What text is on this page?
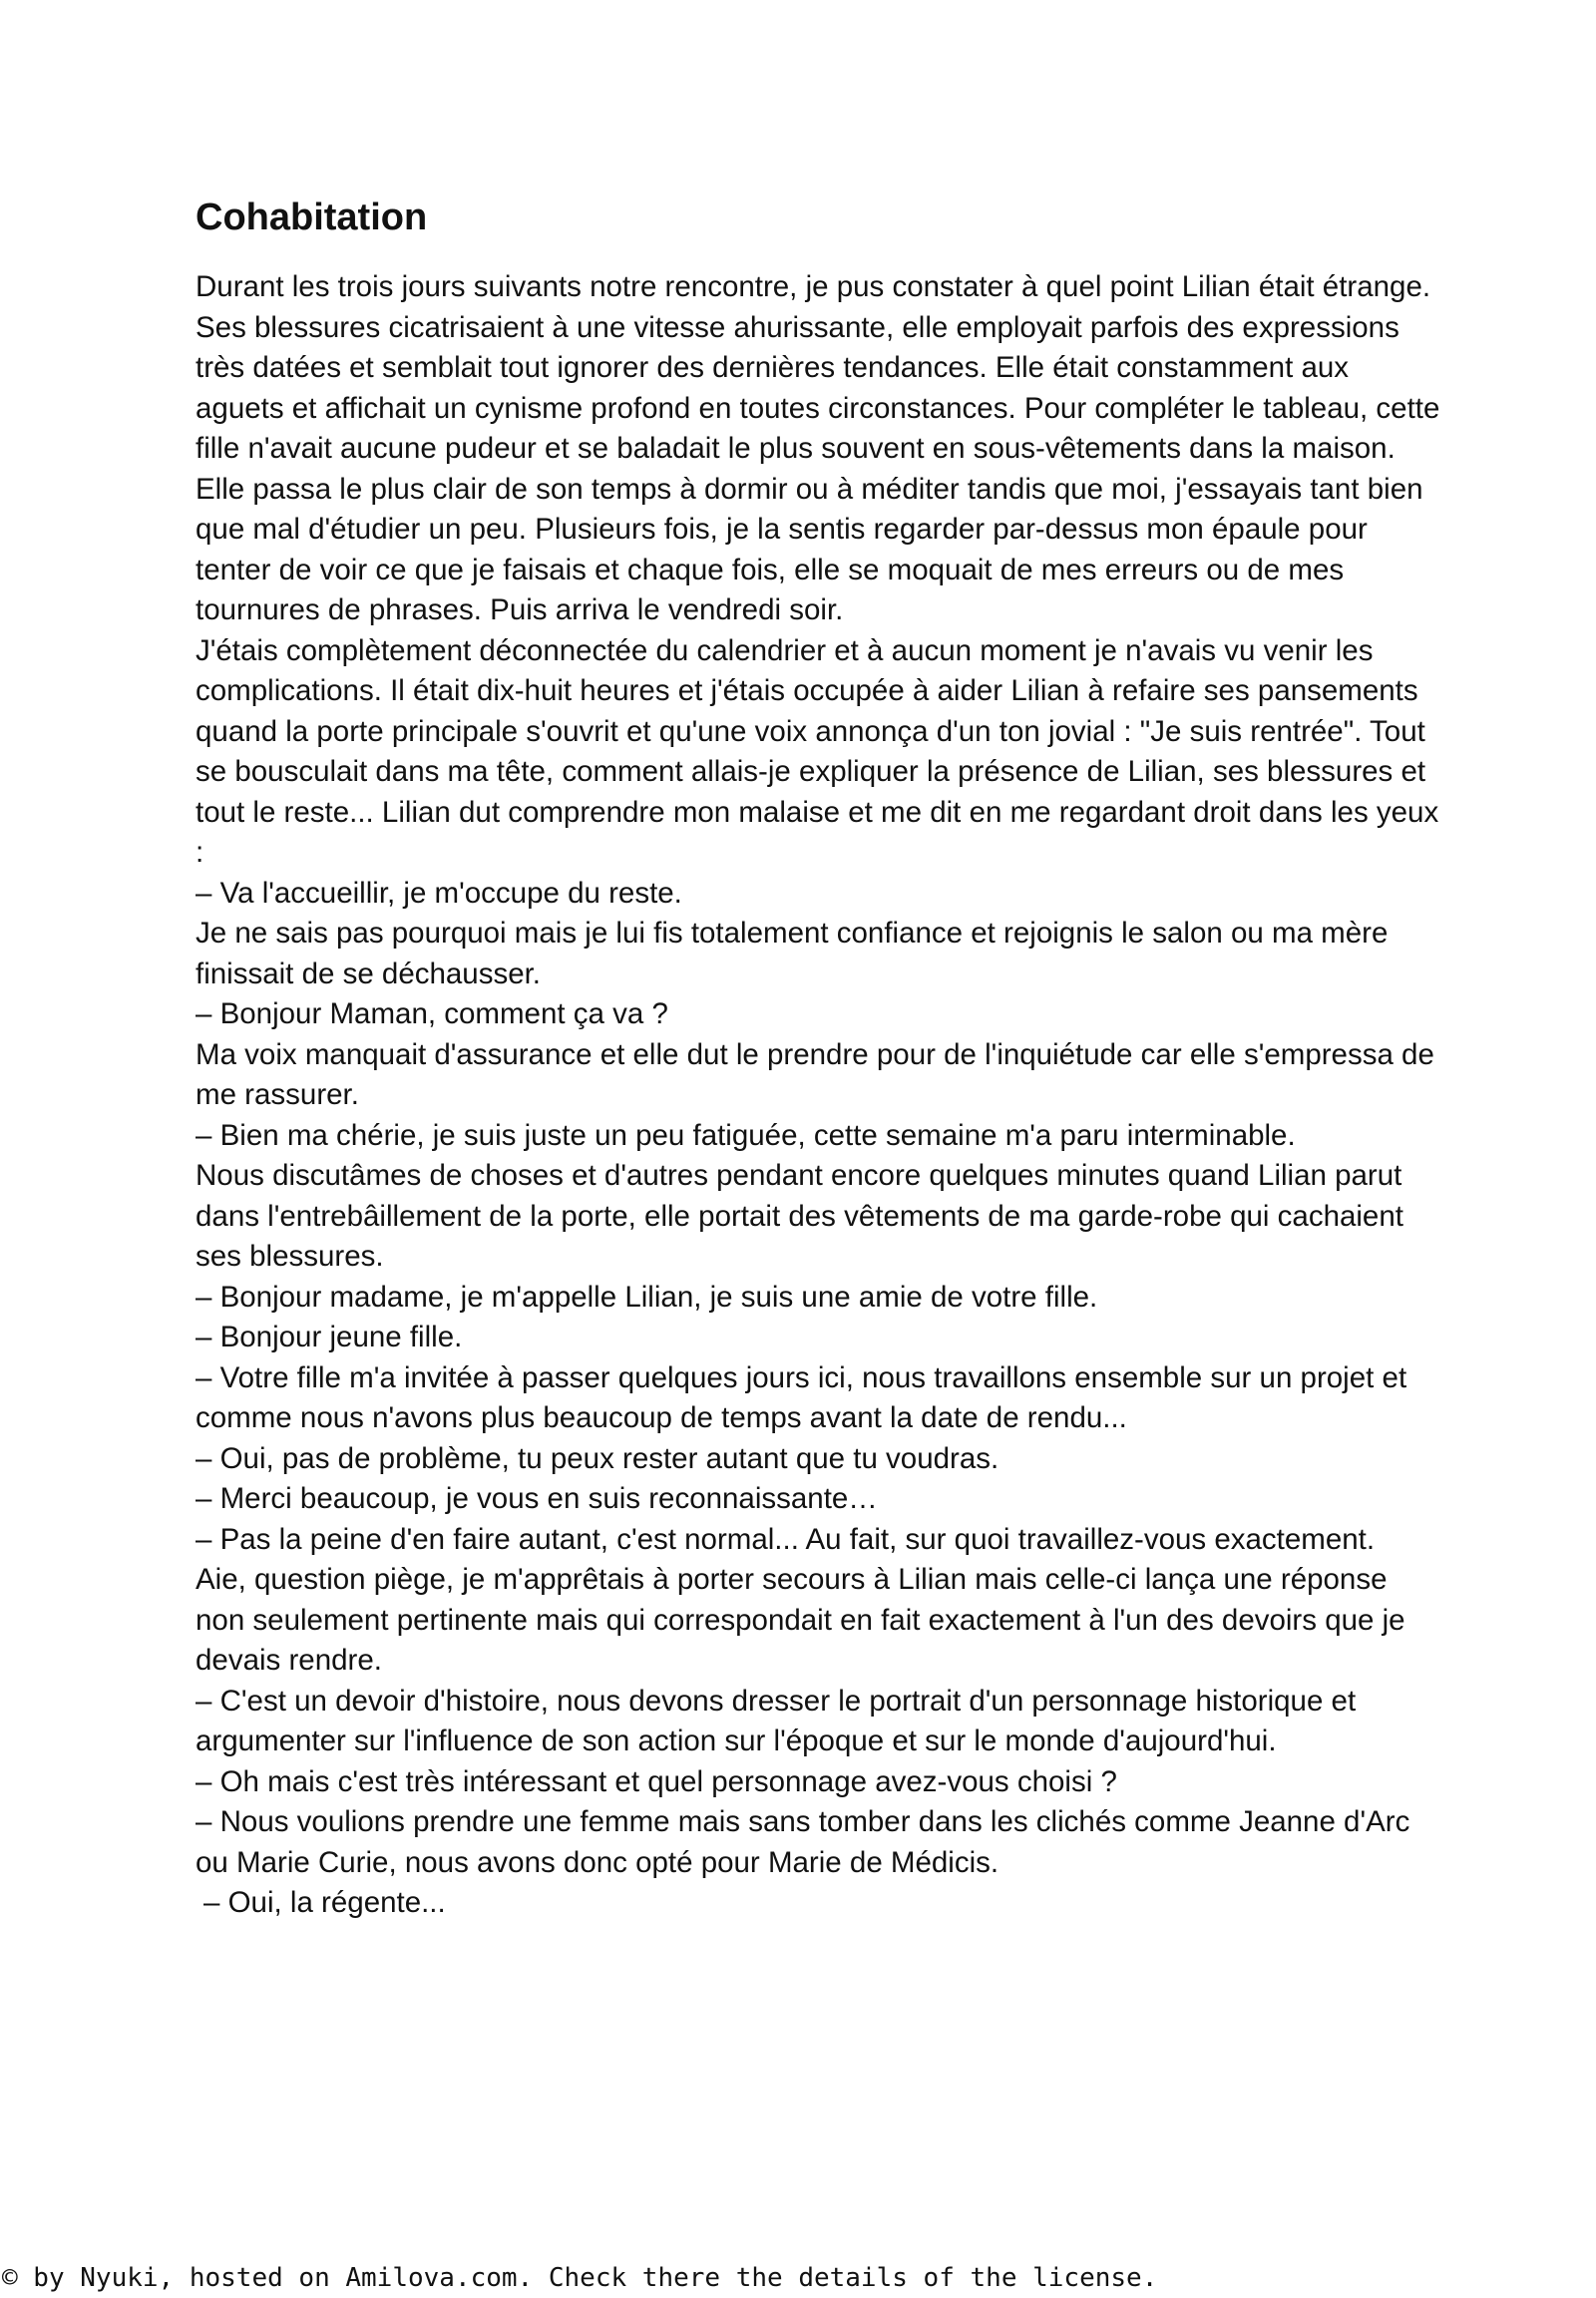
Cohabitation

Durant les trois jours suivants notre rencontre, je pus constater à quel point Lilian était étrange. Ses blessures cicatrisaient à une vitesse ahurissante, elle employait parfois des expressions très datées et semblait tout ignorer des dernières tendances. Elle était constamment aux aguets et affichait un cynisme profond en toutes circonstances. Pour compléter le tableau, cette fille n'avait aucune pudeur et se baladait le plus souvent en sous-vêtements dans la maison. Elle passa le plus clair de son temps à dormir ou à méditer tandis que moi, j'essayais tant bien que mal d'étudier un peu. Plusieurs fois, je la sentis regarder par-dessus mon épaule pour tenter de voir ce que je faisais et chaque fois, elle se moquait de mes erreurs ou de mes tournures de phrases. Puis arriva le vendredi soir.

J'étais complètement déconnectée du calendrier et à aucun moment je n'avais vu venir les complications. Il était dix-huit heures et j'étais occupée à aider Lilian à refaire ses pansements quand la porte principale s'ouvrit et qu'une voix annonça d'un ton jovial : "Je suis rentrée". Tout se bousculait dans ma tête, comment allais-je expliquer la présence de Lilian, ses blessures et tout le reste... Lilian dut comprendre mon malaise et me dit en me regardant droit dans les yeux :

– Va l'accueillir, je m'occupe du reste.

Je ne sais pas pourquoi mais je lui fis totalement confiance et rejoignis le salon ou ma mère finissait de se déchausser.

– Bonjour Maman, comment ça va ?

Ma voix manquait d'assurance et elle dut le prendre pour de l'inquiétude car elle s'empressa de me rassurer.

– Bien ma chérie, je suis juste un peu fatiguée, cette semaine m'a paru interminable.

Nous discutâmes de choses et d'autres pendant encore quelques minutes quand Lilian parut dans l'entrebâillement de la porte, elle portait des vêtements de ma garde-robe qui cachaient ses blessures.

– Bonjour madame, je m'appelle Lilian, je suis une amie de votre fille.

– Bonjour jeune fille.

– Votre fille m'a invitée à passer quelques jours ici, nous travaillons ensemble sur un projet et comme nous n'avons plus beaucoup de temps avant la date de rendu...

– Oui, pas de problème, tu peux rester autant que tu voudras.

– Merci beaucoup, je vous en suis reconnaissante…

– Pas la peine d'en faire autant, c'est normal... Au fait, sur quoi travaillez-vous exactement.

Aie, question piège, je m'apprêtais à porter secours à Lilian mais celle-ci lança une réponse non seulement pertinente mais qui correspondait en fait exactement à l'un des devoirs que je devais rendre.

– C'est un devoir d'histoire, nous devons dresser le portrait d'un personnage historique et argumenter sur l'influence de son action sur l'époque et sur le monde d'aujourd'hui.

– Oh mais c'est très intéressant et quel personnage avez-vous choisi ?

– Nous voulions prendre une femme mais sans tomber dans les clichés comme Jeanne d'Arc ou Marie Curie, nous avons donc opté pour Marie de Médicis.

– Oui, la régente...

© by Nyuki, hosted on Amilova.com. Check there the details of the license.
